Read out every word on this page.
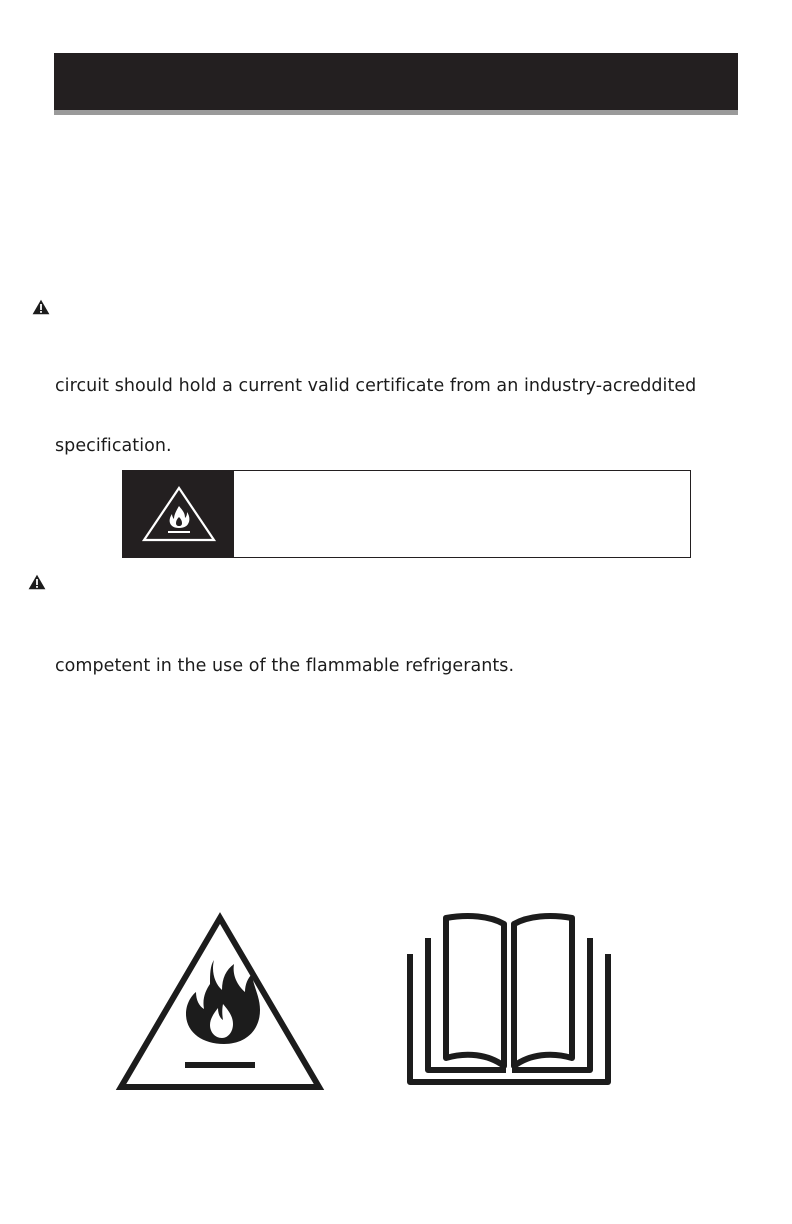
circuit should hold a current valid certificate from an industry-acreddited
specification.
competent in the use of the flammable refrigerants.
